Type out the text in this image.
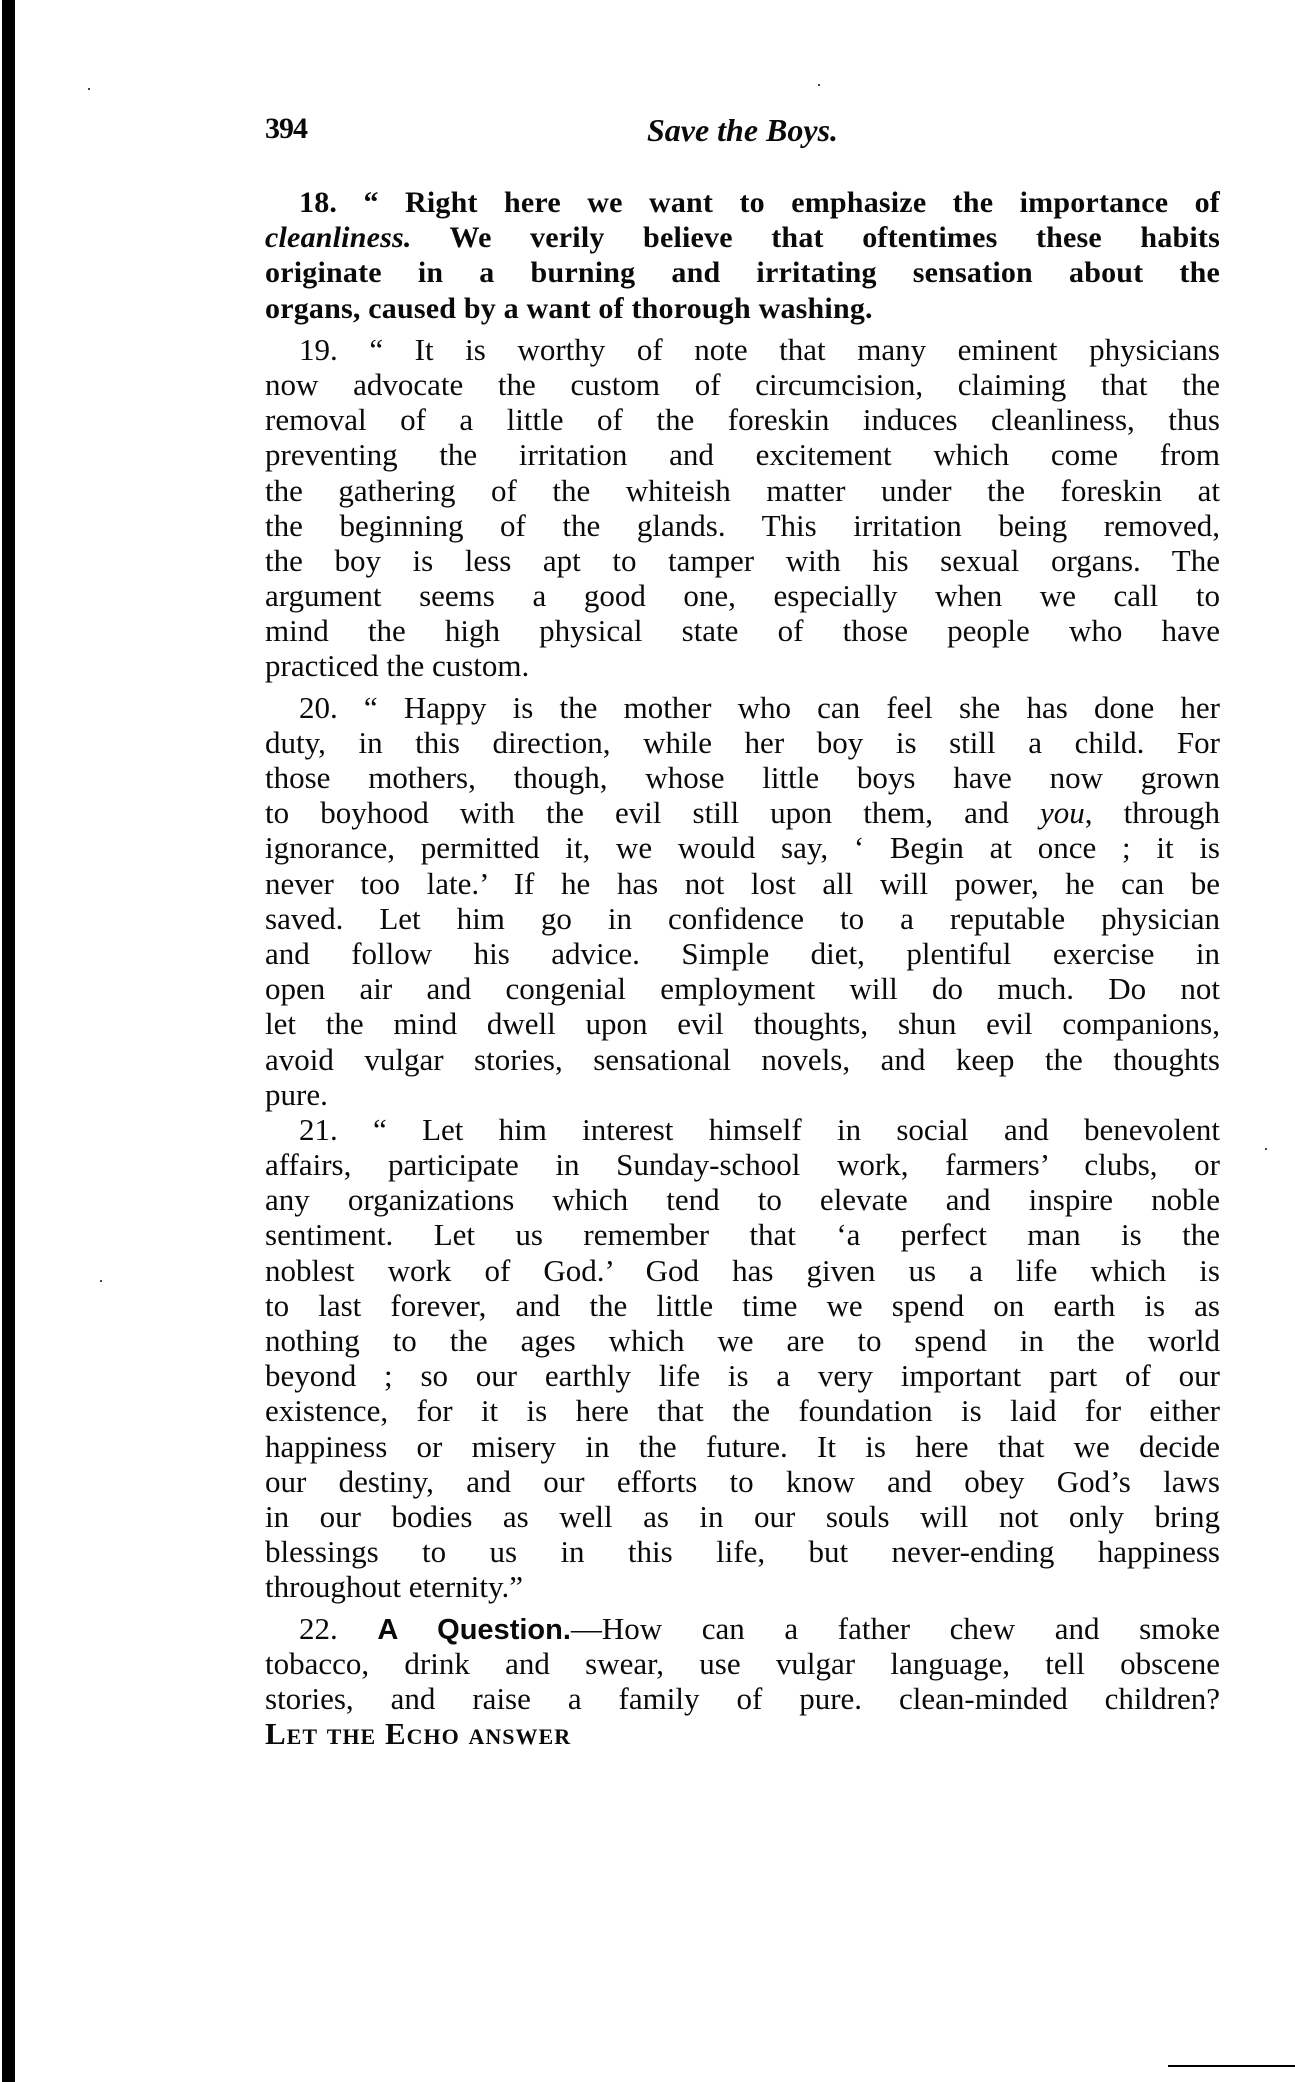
394	Save the Boys.
18. “ Right here we want to emphasize the importance of
cleanliness. We verily believe that oftentimes these habits
originate in a burning and irritating sensation about the
organs, caused by a want of thorough washing.
19. “ It is worthy of note that many eminent physicians
now advocate the custom of circumcision, claiming that the
removal of a little of the foreskin induces cleanliness, thus
preventing the irritation and excitement which come from
the gathering of the whiteish matter under the foreskin at
the beginning of the glands. This irritation being removed,
the boy is less apt to tamper with his sexual organs. The
argument seems a good one, especially when we call to
mind the high physical state of those people who have
practiced the custom.
20. “ Happy is the mother who can feel she has done her
duty, in this direction, while her boy is still a child. For
those mothers, though, whose little boys have now grown
to boyhood with the evil still upon them, and you, through
ignorance, permitted it, we would say, ‘ Begin at once ; it is
never too late.’ If he has not lost all will power, he can be
saved. Let him go in confidence to a reputable physician
and follow his advice. Simple diet, plentiful exercise in
open air and congenial employment will do much. Do not
let the mind dwell upon evil thoughts, shun evil companions,
avoid vulgar stories, sensational novels, and keep the thoughts
pure.
21. “ Let him interest himself in social and benevolent
affairs, participate in Sunday-school work, farmers’ clubs, or
any organizations which tend to elevate and inspire noble
sentiment. Let us remember that ‘a perfect man is the
noblest work of God.’ God has given us a life which is
to last forever, and the little time we spend on earth is as
nothing to the ages which we are to spend in the world
beyond ; so our earthly life is a very important part of our
existence, for it is here that the foundation is laid for either
happiness or misery in the future. It is here that we decide
our destiny, and our efforts to know and obey God’s laws
in our bodies as well as in our souls will not only bring
blessings to us in this life, but never-ending happiness
throughout eternity.”
22. A Question.—How can a father chew and smoke
tobacco, drink and swear, use vulgar language, tell obscene
stories, and raise a family of pure. clean-minded children?
Let the Echo answer
